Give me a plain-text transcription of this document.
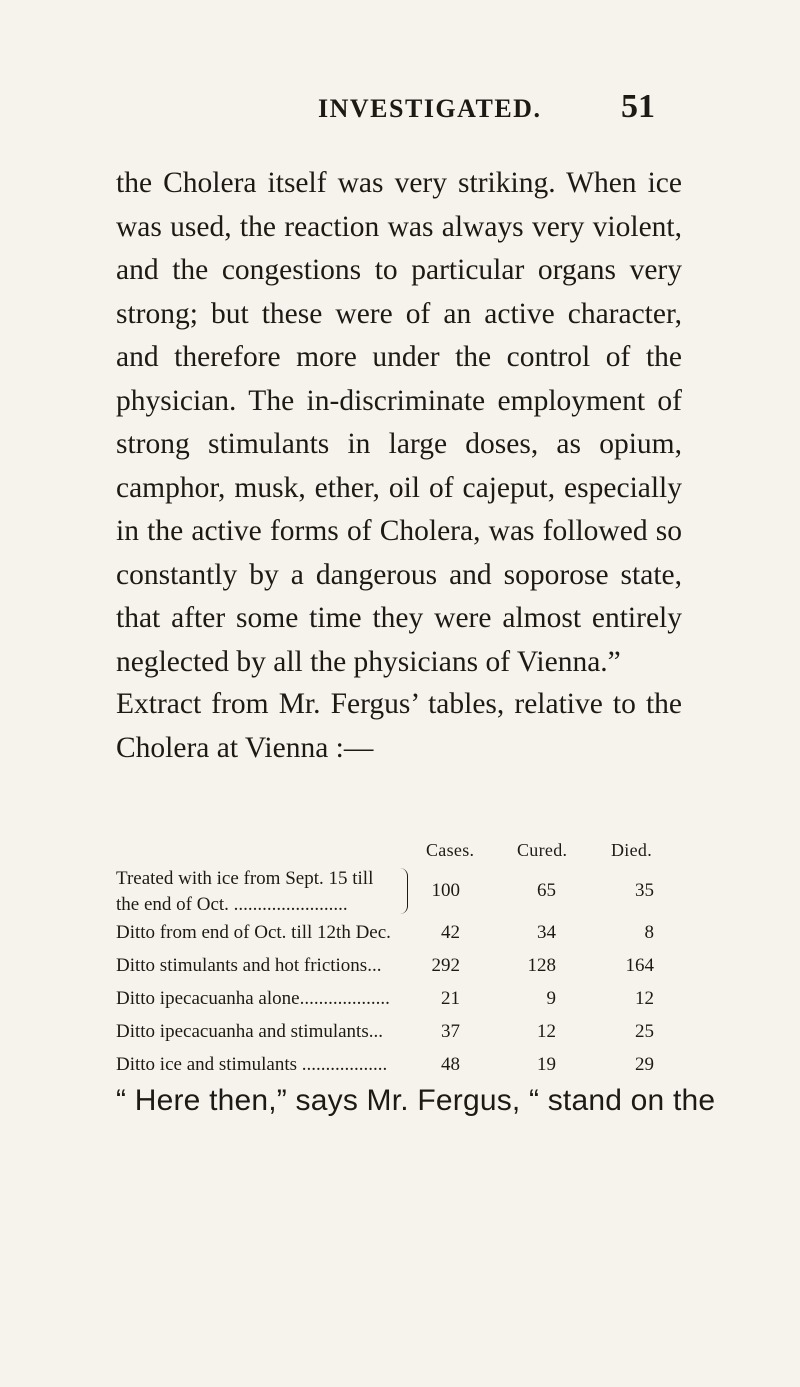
INVESTIGATED. 51

the Cholera itself was very striking. When ice was used, the reaction was always very violent, and the congestions to particular organs very strong; but these were of an active character, and therefore more under the control of the physician. The in-discriminate employment of strong stimulants in large doses, as opium, camphor, musk, ether, oil of cajeput, especially in the active forms of Cholera, was followed so constantly by a dangerous and soporose state, that after some time they were almost entirely neglected by all the physicians of Vienna.”

Extract from Mr. Fergus’ tables, relative to the Cholera at Vienna :—

Cases. Cured. Died.
Treated with ice from Sept. 15 till
the end of Oct. ........................
100	65	35
Ditto from end of Oct. till 12th Dec.	42	34	8
Ditto stimulants and hot frictions...	292	128	164
Ditto ipecacuanha alone...................	21	9	12
Ditto ipecacuanha and stimulants...	37	12	25
Ditto ice and stimulants ..................	48	19	29
“ Here then,” says Mr. Fergus, “ stand on the
